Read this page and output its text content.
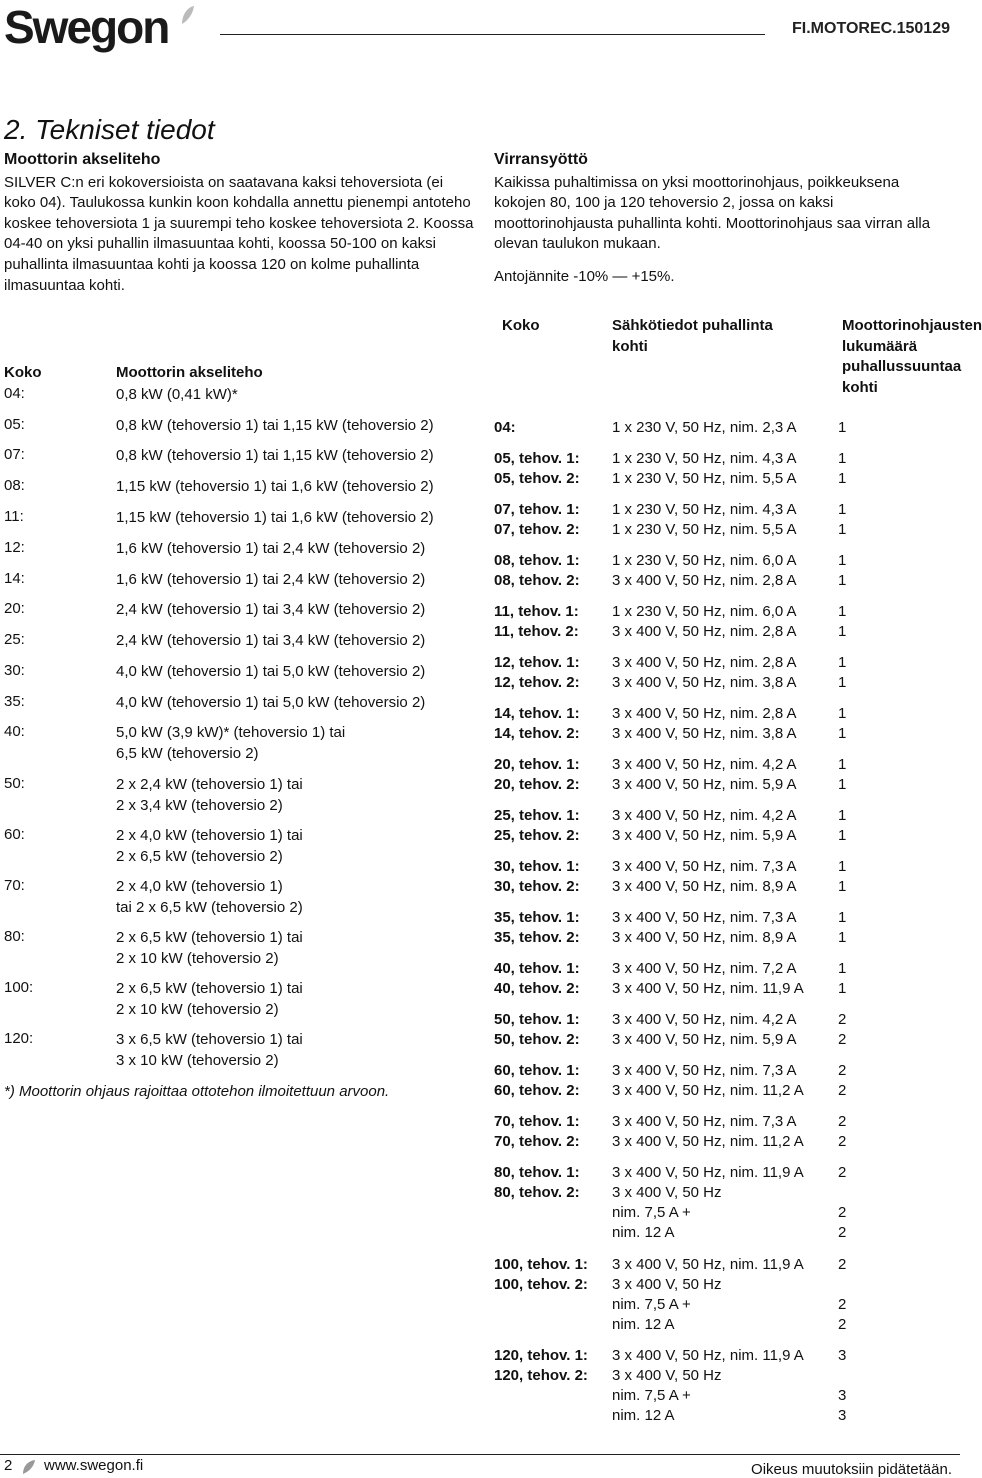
Swegon	FI.MOTOREC.150129
2. Tekniset tiedot
Moottorin akseliteho

SILVER C:n eri kokoversioista on saatavana kaksi tehoversiota (ei koko 04). Taulukossa kunkin koon kohdalla annettu pienempi antoteho koskee tehoversiota 1 ja suurempi teho koskee tehoversiota 2. Koossa 04-40 on yksi puhallin ilmasuuntaa kohti, koossa 50-100 on kaksi puhallinta ilmasuuntaa kohti ja koossa 120 on kolme puhallinta ilmasuuntaa kohti.

Koko	Moottorin akseliteho
04:	0,8 kW (0,41 kW)*
05:	0,8 kW (tehoversio 1) tai 1,15 kW (tehoversio 2)
07:	0,8 kW (tehoversio 1) tai 1,15 kW (tehoversio 2)
08:	1,15 kW (tehoversio 1) tai 1,6 kW (tehoversio 2)
11:	1,15 kW (tehoversio 1) tai 1,6 kW (tehoversio 2)
12:	1,6 kW (tehoversio 1) tai 2,4 kW (tehoversio 2)
14:	1,6 kW (tehoversio 1) tai 2,4 kW (tehoversio 2)
20:	2,4 kW (tehoversio 1) tai 3,4 kW (tehoversio 2)
25:	2,4 kW (tehoversio 1) tai 3,4 kW (tehoversio 2)
30:	4,0 kW (tehoversio 1) tai 5,0 kW (tehoversio 2)
35:	4,0 kW (tehoversio 1) tai 5,0 kW (tehoversio 2)
40:	5,0 kW (3,9 kW)* (tehoversio 1) tai
6,5 kW (tehoversio 2)
50:	2 x 2,4 kW (tehoversio 1) tai
2 x 3,4 kW (tehoversio 2)
60:	2 x 4,0 kW (tehoversio 1) tai
2 x 6,5 kW (tehoversio 2)
70:	2 x 4,0 kW (tehoversio 1)
tai 2 x 6,5 kW (tehoversio 2)
80:	2 x 6,5 kW (tehoversio 1) tai
2 x 10 kW (tehoversio 2)
100:	2 x 6,5 kW (tehoversio 1) tai
2 x 10 kW (tehoversio 2)
120:	3 x 6,5 kW (tehoversio 1) tai
3 x 10 kW (tehoversio 2)
*) Moottorin ohjaus rajoittaa ottotehon ilmoitettuun arvoon.
Virransyöttö

Kaikissa puhaltimissa on yksi moottorinohjaus, poikkeuksena kokojen 80, 100 ja 120 tehoversio 2, jossa on kaksi moottorinohjausta puhallinta kohti. Moottorinohjaus saa virran alla olevan taulukon mukaan.

Antojännite -10% — +15%.

Koko	Sähkötiedot puhallinta kohti
Moottorinohjausten lukumäärä puhallussuuntaa kohti
04:	1 x 230 V, 50 Hz, nim. 2,3 A	1
05, tehov. 1:	1 x 230 V, 50 Hz, nim. 4,3 A	1
05, tehov. 2:	1 x 230 V, 50 Hz, nim. 5,5 A	1
07, tehov. 1:	1 x 230 V, 50 Hz, nim. 4,3 A	1
07, tehov. 2:	1 x 230 V, 50 Hz, nim. 5,5 A	1
08, tehov. 1:	1 x 230 V, 50 Hz, nim. 6,0 A	1
08, tehov. 2:	3 x 400 V, 50 Hz, nim. 2,8 A	1
11, tehov. 1:	1 x 230 V, 50 Hz, nim. 6,0 A	1
11, tehov. 2:	3 x 400 V, 50 Hz, nim. 2,8 A	1
12, tehov. 1:	3 x 400 V, 50 Hz, nim. 2,8 A	1
12, tehov. 2:	3 x 400 V, 50 Hz, nim. 3,8 A	1
14, tehov. 1:	3 x 400 V, 50 Hz, nim. 2,8 A	1
14, tehov. 2:	3 x 400 V, 50 Hz, nim. 3,8 A	1
20, tehov. 1:	3 x 400 V, 50 Hz, nim. 4,2 A	1
20, tehov. 2:	3 x 400 V, 50 Hz, nim. 5,9 A	1
25, tehov. 1:	3 x 400 V, 50 Hz, nim. 4,2 A	1
25, tehov. 2:	3 x 400 V, 50 Hz, nim. 5,9 A	1
30, tehov. 1:	3 x 400 V, 50 Hz, nim. 7,3 A	1
30, tehov. 2:	3 x 400 V, 50 Hz, nim. 8,9 A	1
35, tehov. 1:	3 x 400 V, 50 Hz, nim. 7,3 A	1
35, tehov. 2:	3 x 400 V, 50 Hz, nim. 8,9 A	1
40, tehov. 1:	3 x 400 V, 50 Hz, nim. 7,2 A	1
40, tehov. 2:	3 x 400 V, 50 Hz, nim. 11,9 A	1
50, tehov. 1:	3 x 400 V, 50 Hz, nim. 4,2 A	2
50, tehov. 2:	3 x 400 V, 50 Hz, nim. 5,9 A	2
60, tehov. 1:	3 x 400 V, 50 Hz, nim. 7,3 A	2
60, tehov. 2:	3 x 400 V, 50 Hz, nim. 11,2 A	2
70, tehov. 1:	3 x 400 V, 50 Hz, nim. 7,3 A	2
70, tehov. 2:	3 x 400 V, 50 Hz, nim. 11,2 A	2
80, tehov. 1:	3 x 400 V, 50 Hz, nim. 11,9 A	2
80, tehov. 2:	3 x 400 V, 50 Hz
nim. 7,5 A +	2
nim. 12 A	2
100, tehov. 1:	3 x 400 V, 50 Hz, nim. 11,9 A	2
100, tehov. 2:	3 x 400 V, 50 Hz
nim. 7,5 A +	2
nim. 12 A	2
120, tehov. 1:	3 x 400 V, 50 Hz, nim. 11,9 A	3
120, tehov. 2:	3 x 400 V, 50 Hz
nim. 7,5 A +	3
nim. 12 A	3
2 www.swegon.fi	Oikeus muutoksiin pidätetään.
